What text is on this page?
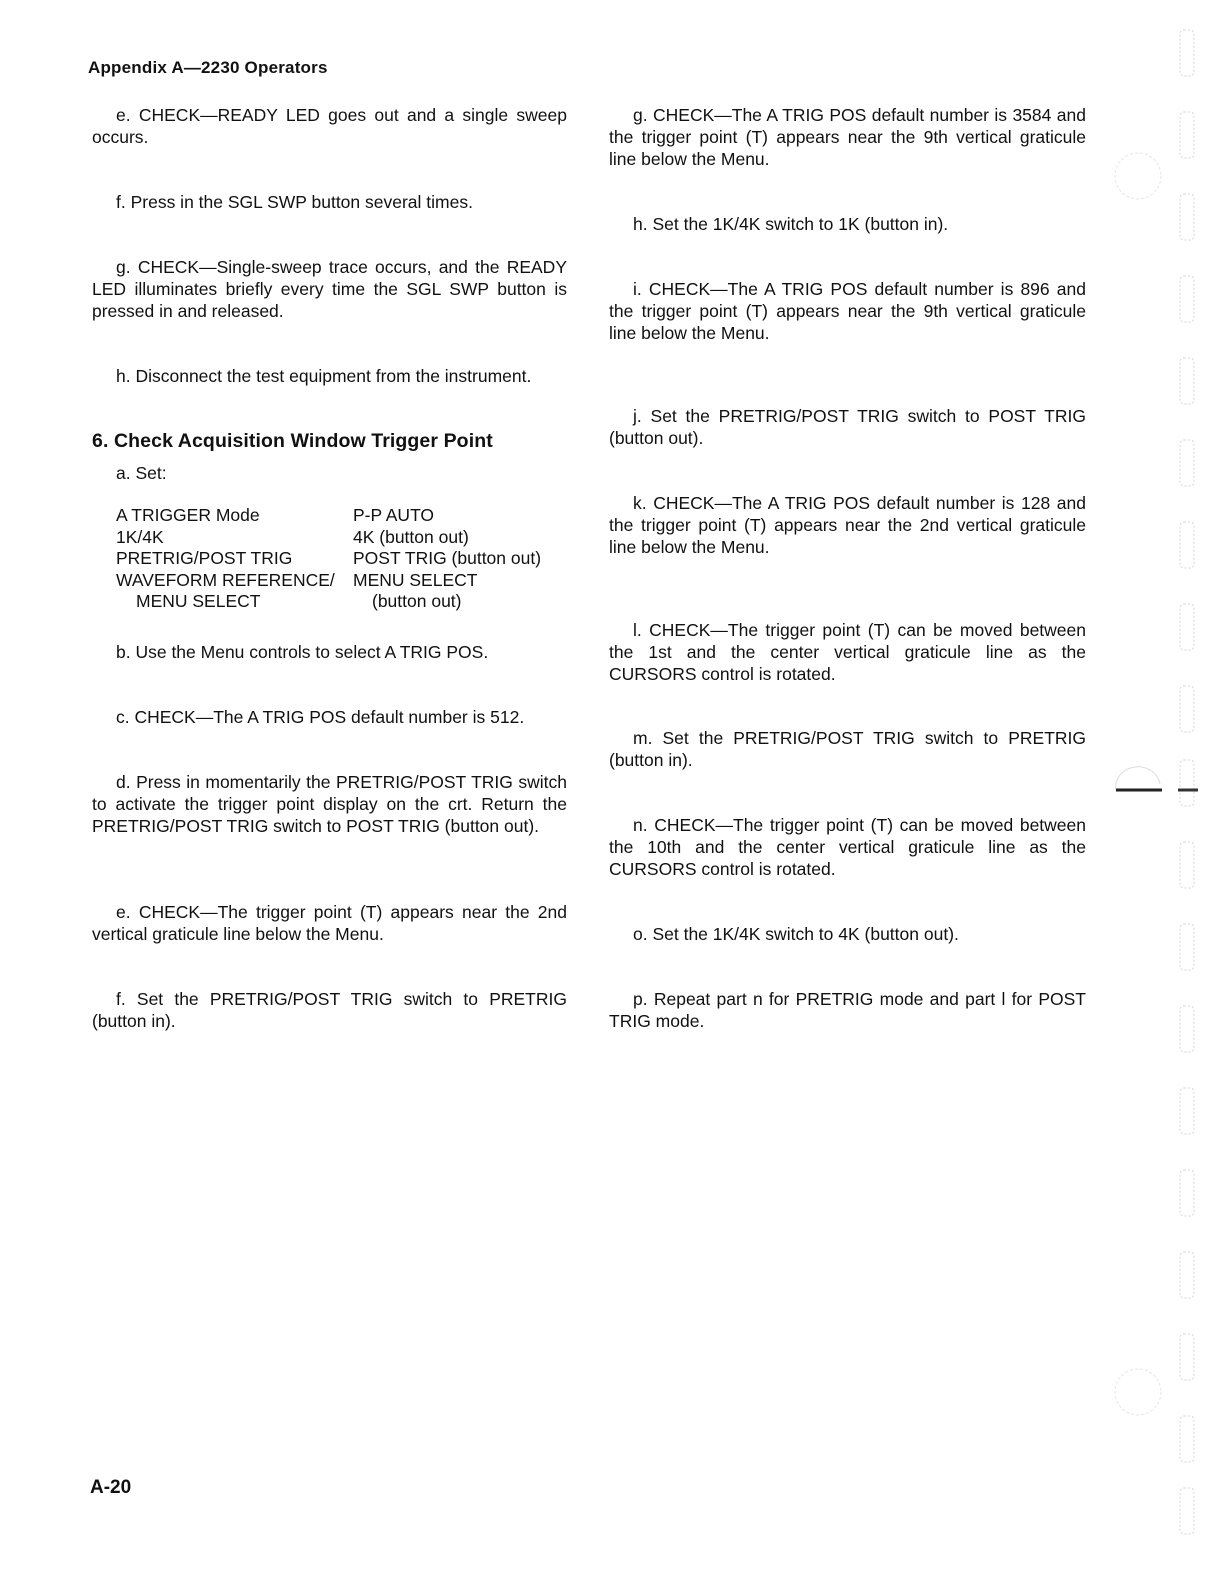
Appendix A—2230 Operators

e. CHECK—READY LED goes out and a single sweep occurs.

f. Press in the SGL SWP button several times.

g. CHECK—Single-sweep trace occurs, and the READY LED illuminates briefly every time the SGL SWP button is pressed in and released.

h. Disconnect the test equipment from the instrument.

6. Check Acquisition Window Trigger Point

a. Set:

A TRIGGER Mode	P-P AUTO
1K/4K	4K (button out)
PRETRIG/POST TRIG	POST TRIG (button out)
WAVEFORM REFERENCE/	MENU SELECT
MENU SELECT	(button out)

b. Use the Menu controls to select A TRIG POS.

c. CHECK—The A TRIG POS default number is 512.

d. Press in momentarily the PRETRIG/POST TRIG switch to activate the trigger point display on the crt. Return the PRETRIG/POST TRIG switch to POST TRIG (button out).

e. CHECK—The trigger point (T) appears near the 2nd vertical graticule line below the Menu.

f. Set the PRETRIG/POST TRIG switch to PRETRIG (button in).

g. CHECK—The A TRIG POS default number is 3584 and the trigger point (T) appears near the 9th vertical graticule line below the Menu.

h. Set the 1K/4K switch to 1K (button in).

i. CHECK—The A TRIG POS default number is 896 and the trigger point (T) appears near the 9th vertical graticule line below the Menu.

j. Set the PRETRIG/POST TRIG switch to POST TRIG (button out).

k. CHECK—The A TRIG POS default number is 128 and the trigger point (T) appears near the 2nd vertical graticule line below the Menu.

l. CHECK—The trigger point (T) can be moved between the 1st and the center vertical graticule line as the CURSORS control is rotated.

m. Set the PRETRIG/POST TRIG switch to PRETRIG (button in).

n. CHECK—The trigger point (T) can be moved between the 10th and the center vertical graticule line as the CURSORS control is rotated.

o. Set the 1K/4K switch to 4K (button out).

p. Repeat part n for PRETRIG mode and part l for POST TRIG mode.

A-20
